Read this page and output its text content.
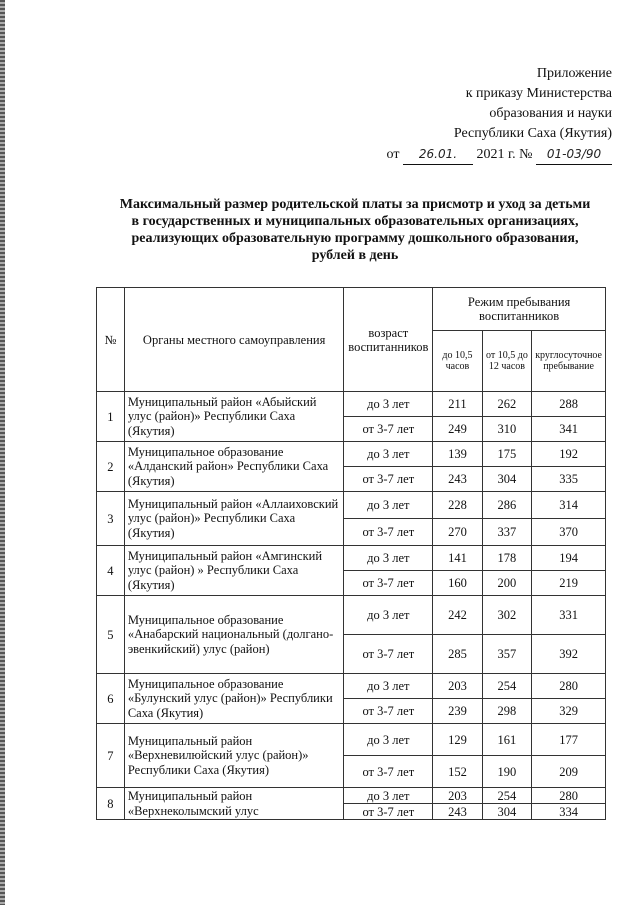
Приложение
к приказу Министерства
образования и науки
Республики Саха (Якутия)
от 26.01. 2021 г. № 01-03/90
Максимальный размер родительской платы за присмотр и уход за детьми
в государственных и муниципальных образовательных организациях,
реализующих образовательную программу дошкольного образования,
рублей в день
№	Органы местного самоуправления	возраст воспитанников	Режим пребывания воспитанников		
			до 10,5 часов	от 10,5 до 12 часов	круглосуточное пребывание
1	Муниципальный район «Абыйский улус (район)» Республики Саха (Якутия)	до 3 лет	211	262	288
		от 3-7 лет	249	310	341
2	Муниципальное образование «Алданский район» Республики Саха (Якутия)	до 3 лет	139	175	192
		от 3-7 лет	243	304	335
3	Муниципальный район «Аллаиховский улус (район)» Республики Саха (Якутия)	до 3 лет	228	286	314
		от 3-7 лет	270	337	370
4	Муниципальный район «Амгинский улус (район) » Республики Саха (Якутия)	до 3 лет	141	178	194
		от 3-7 лет	160	200	219
5	Муниципальное образование «Анабарский национальный (долгано-эвенкийский) улус (район)	до 3 лет	242	302	331
		от 3-7 лет	285	357	392
6	Муниципальное образование «Булунский улус (район)» Республики Саха (Якутия)	до 3 лет	203	254	280
		от 3-7 лет	239	298	329
7	Муниципальный район «Верхневилюйский улус (район)» Республики Саха (Якутия)	до 3 лет	129	161	177
		от 3-7 лет	152	190	209
8	Муниципальный район «Верхнеколымский улус	до 3 лет	203	254	280
		от 3-7 лет	243	304	334
